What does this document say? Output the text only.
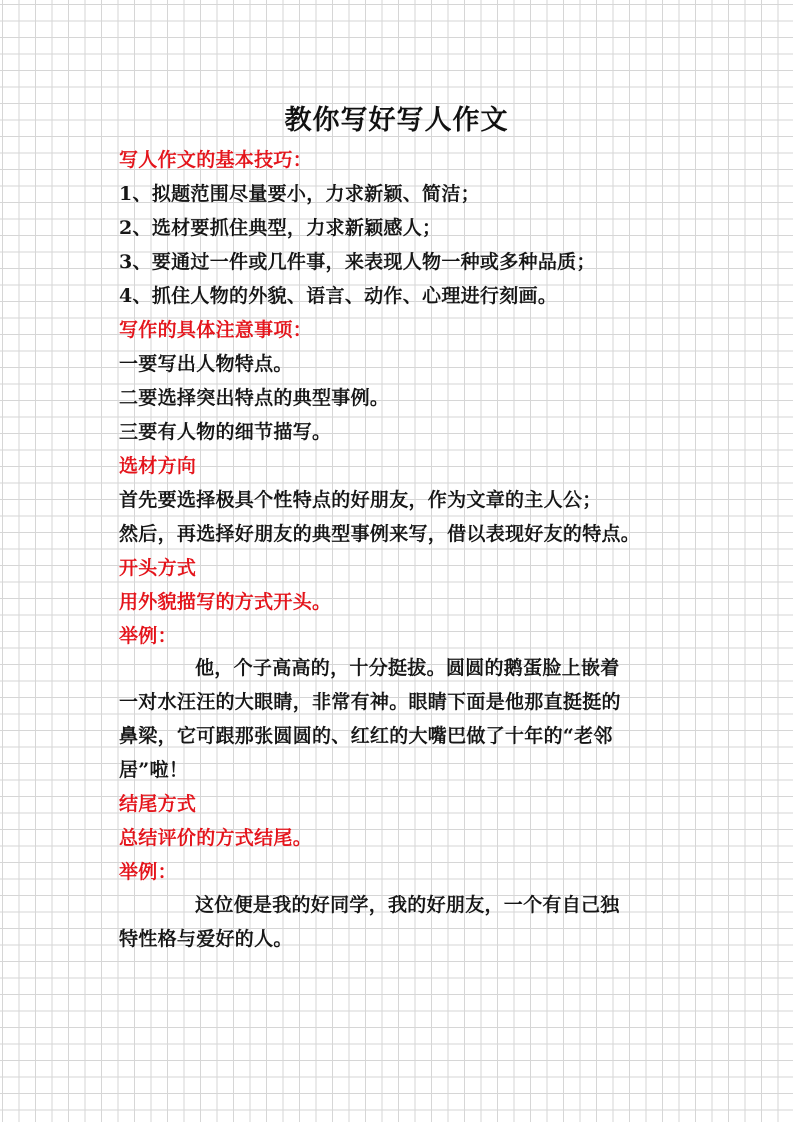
教你写好写人作文
写人作文的基本技巧：
1、拟题范围尽量要小，力求新颖、简洁；
2、选材要抓住典型，力求新颖感人；
3、要通过一件或几件事，来表现人物一种或多种品质；
4、抓住人物的外貌、语言、动作、心理进行刻画。
写作的具体注意事项：
一要写出人物特点。
二要选择突出特点的典型事例。
三要有人物的细节描写。
选材方向
首先要选择极具个性特点的好朋友，作为文章的主人公；
然后，再选择好朋友的典型事例来写，借以表现好友的特点。
开头方式
用外貌描写的方式开头。
举例：
他，个子高高的，十分挺拔。圆圆的鹅蛋脸上嵌着
一对水汪汪的大眼睛，非常有神。眼睛下面是他那直挺挺的
鼻梁，它可跟那张圆圆的、红红的大嘴巴做了十年的“老邻
居”啦！
结尾方式
总结评价的方式结尾。
举例：
这位便是我的好同学，我的好朋友，一个有自己独
特性格与爱好的人。
